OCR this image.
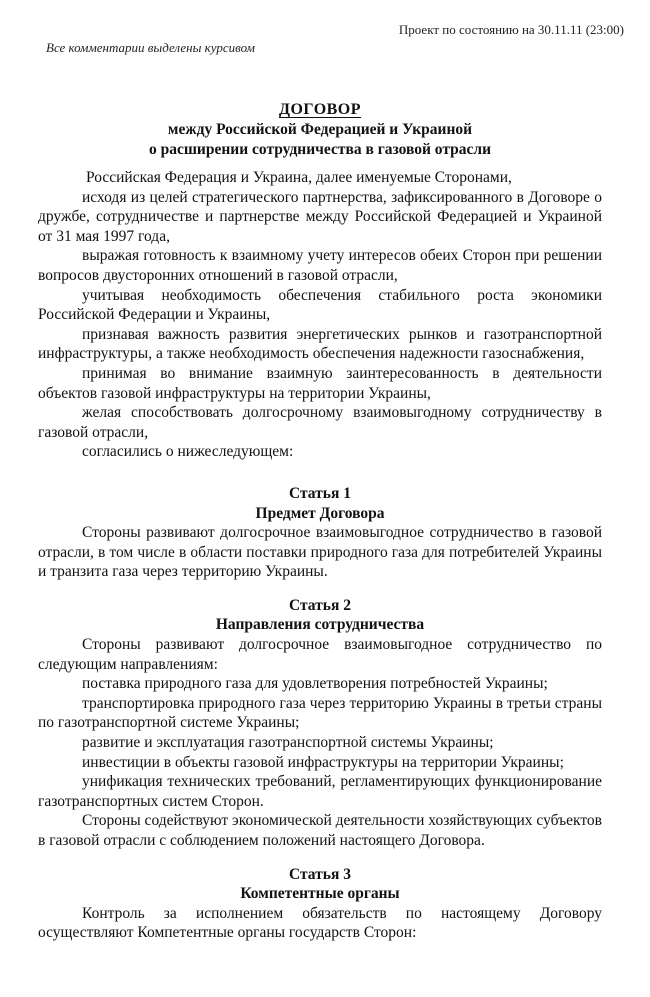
Проект по состоянию на 30.11.11 (23:00)
Все комментарии выделены курсивом
ДОГОВОР
между Российской Федерацией и Украиной
о расширении сотрудничества в газовой отрасли

Российская Федерация и Украина, далее именуемые Сторонами,

исходя из целей стратегического партнерства, зафиксированного в Договоре о дружбе, сотрудничестве и партнерстве между Российской Федерацией и Украиной от 31 мая 1997 года,

выражая готовность к взаимному учету интересов обеих Сторон при решении вопросов двусторонних отношений в газовой отрасли,

учитывая необходимость обеспечения стабильного роста экономики Российской Федерации и Украины,

признавая важность развития энергетических рынков и газотранспортной инфраструктуры, а также необходимость обеспечения надежности газоснабжения,

принимая во внимание взаимную заинтересованность в деятельности объектов газовой инфраструктуры на территории Украины,

желая способствовать долгосрочному взаимовыгодному сотрудничеству в газовой отрасли,

согласились о нижеследующем:

Статья 1

Предмет Договора

Стороны развивают долгосрочное взаимовыгодное сотрудничество в газовой отрасли, в том числе в области поставки природного газа для потребителей Украины и транзита газа через территорию Украины.

Статья 2

Направления сотрудничества

Стороны развивают долгосрочное взаимовыгодное сотрудничество по следующим направлениям:

поставка природного газа для удовлетворения потребностей Украины;

транспортировка природного газа через территорию Украины в третьи страны по газотранспортной системе Украины;

развитие и эксплуатация газотранспортной системы Украины;

инвестиции в объекты газовой инфраструктуры на территории Украины;

унификация технических требований, регламентирующих функционирование газотранспортных систем Сторон.

Стороны содействуют экономической деятельности хозяйствующих субъектов в газовой отрасли с соблюдением положений настоящего Договора.

Статья 3

Компетентные органы

Контроль за исполнением обязательств по настоящему Договору осуществляют Компетентные органы государств Сторон:
